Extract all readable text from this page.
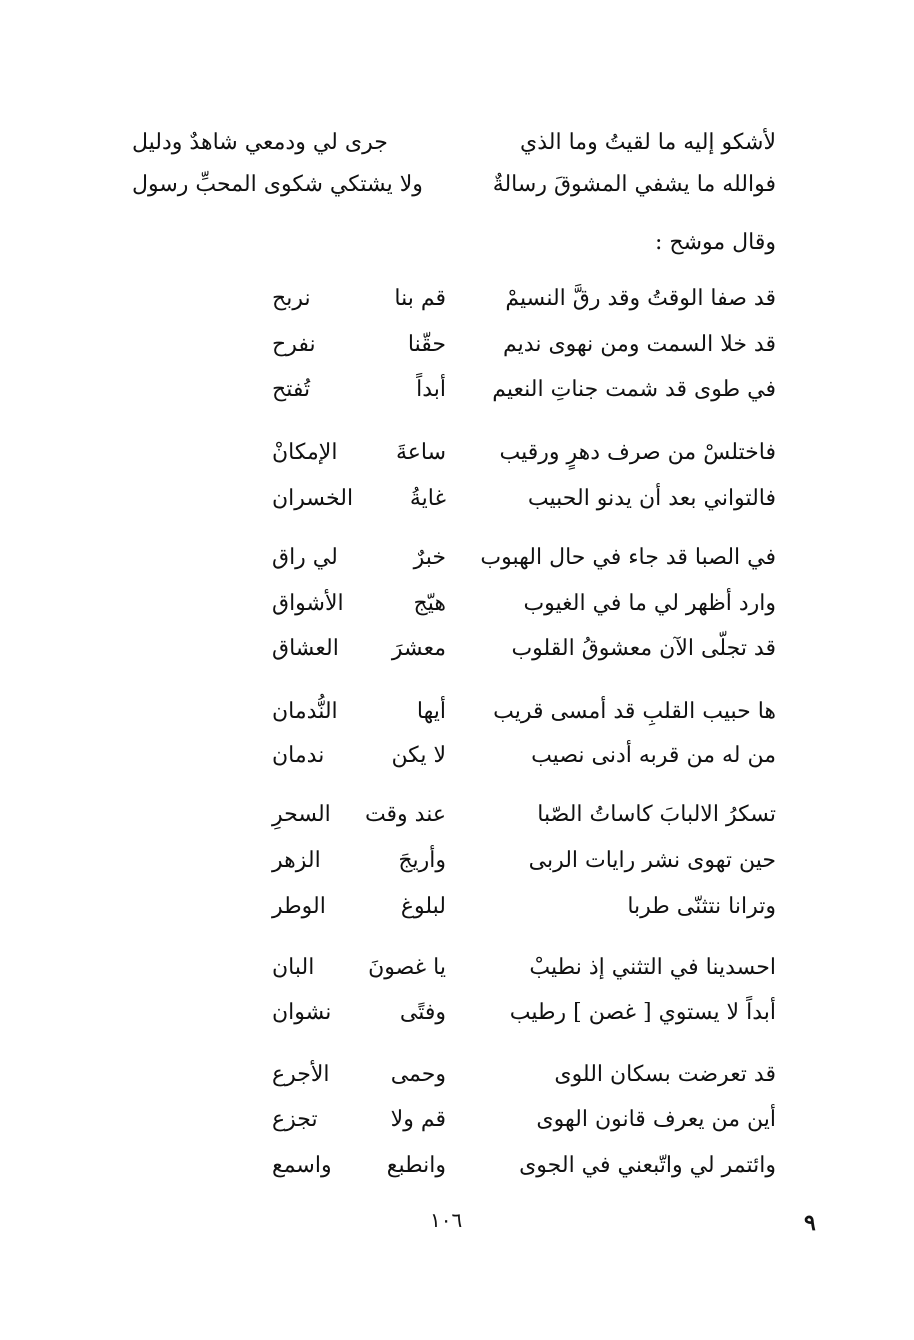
لأشكو إليه ما لقيتُ وما الذي
جرى لي ودمعي شاهدٌ ودليل
فوالله ما يشفي المشوقَ رسالةٌ
ولا يشتكي شكوى المحبِّ رسول
وقال موشح :
قد صفا الوقتُ وقد رقَّ النسيمْ
قم بنا
نربح
قد خلا السمت ومن نهوى نديم
حقّنا
نفرح
في طوى قد شمت جناتِ النعيم
أبداً
تُفتح
فاختلسْ من صرف دهرٍ ورقيب
ساعةَ
الإمكانْ
فالتواني بعد أن يدنو الحبيب
غايةُ
الخسران
في الصبا قد جاء في حال الهبوب
خبرٌ
لي راق
وارد أظهر لي ما في الغيوب
هيّج
الأشواق
قد تجلّى الآن معشوقُ القلوب
معشرَ
العشاق
ها حبيب القلبِ قد أمسى قريب
أيها
النُّدمان
من له من قربه أدنى نصيب
لا يكن
ندمان
تسكرُ الالبابَ كاساتُ الصّبا
عند وقت
السحرِ
حين تهوى نشر رايات الربى
وأريجَ
الزهر
وترانا نتثنّى طربا
لبلوغ
الوطر
احسدينا في التثني إذ نطيبْ
يا غصونَ
البان
أبداً لا يستوي [ غصن ] رطيب
وفتًى
نشوان
قد تعرضت بسكان اللوى
وحمى
الأجرع
أين من يعرف قانون الهوى
قم ولا
تجزع
وائتمر لي واتّبعني في الجوى
وانطبع
واسمع
١٠٦	٩
